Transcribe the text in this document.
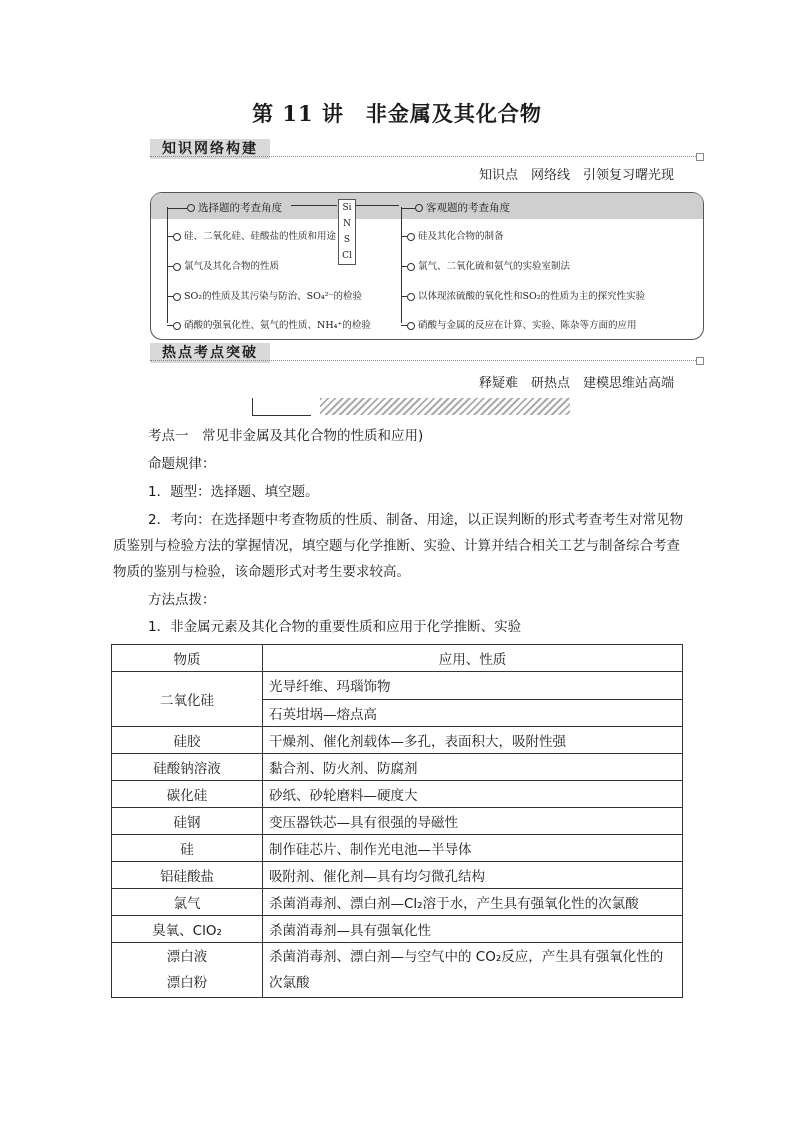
第 11 讲　非金属及其化合物
知识网络构建
知识点　网络线　引领复习曙光现
选择题的考查角度	客观题的考查角度
Si
N
S
Cl
硅、二氧化硅、硅酸盐的性质和用途
氯气及其化合物的性质
SO₂的性质及其污染与防治、SO₄²⁻的检验
硝酸的强氧化性、氨气的性质、NH₄⁺的检验
硅及其化合物的制备
氯气、二氧化硫和氨气的实验室制法
以体现浓硫酸的氧化性和SO₂的性质为主的探究性实验
硝酸与金属的反应在计算、实验、陈杂等方面的应用
热点考点突破
释疑难　研热点　建模思维站高端
考点一　常见非金属及其化合物的性质和应用)
命题规律：
1．题型：选择题、填空题。
2．考向：在选择题中考查物质的性质、制备、用途，以正误判断的形式考查考生对常见物质鉴别与检验方法的掌握情况，填空题与化学推断、实验、计算并结合相关工艺与制备综合考查物质的鉴别与检验，该命题形式对考生要求较高。
方法点拨：
1．非金属元素及其化合物的重要性质和应用于化学推断、实验
物质	应用、性质
二氧化硅	光导纤维、玛瑙饰物
	石英坩埚—熔点高
硅胶	干燥剂、催化剂载体—多孔，表面积大，吸附性强
硅酸钠溶液	黏合剂、防火剂、防腐剂
碳化硅	砂纸、砂轮磨料—硬度大
硅钢	变压器铁芯—具有很强的导磁性
硅	制作硅芯片、制作光电池—半导体
铝硅酸盐	吸附剂、催化剂—具有均匀微孔结构
氯气	杀菌消毒剂、漂白剂—Cl₂溶于水，产生具有强氧化性的次氯酸
臭氧、ClO₂	杀菌消毒剂—具有强氧化性
漂白液
漂白粉	杀菌消毒剂、漂白剂—与空气中的 CO₂反应，产生具有强氧化性的次氯酸
